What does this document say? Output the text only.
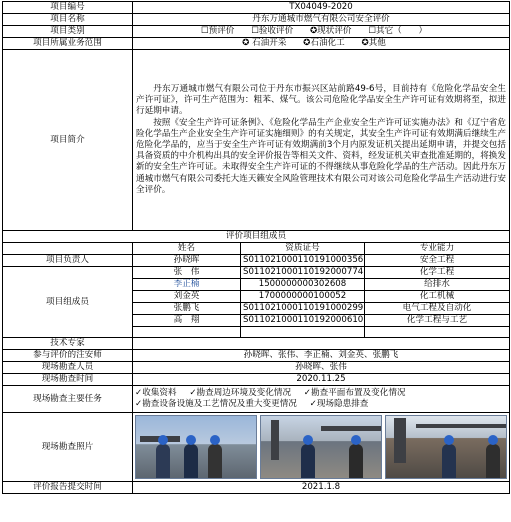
项目编号	TX04049-2020		
项目名称	丹东万通城市燃气有限公司安全评价		
项目类别	☐预评价 ☐验收评价 ✪现状评价 ☐其它（ ）		
项目所属业务范围	✪ 石油开采 ✪石油化工 ✪其他		
项目简介	丹东万通城市燃气有限公司位于丹东市振兴区站前路49-6号，目前持有《危险化学品安全生产许可证》，许可生产范围为：粗苯、煤气。该公司危险化学品安全生产许可证有效期将至，拟进行延期申请。

按照《安全生产许可证条例》、《危险化学品生产企业安全生产许可证实施办法》和《辽宁省危险化学品生产企业安全生产许可证实施细则》的有关规定，其安全生产许可证有效期满后继续生产危险化学品的，应当于安全生产许可证有效期满前3个月内原发证机关提出延期申请，并提交包括具备资质的中介机构出具的安全评价报告等相关文件、资料，经发证机关审查批准延期的，将换发新的安全生产许可证。未取得安全生产许可证的不得继续从事危险化学品的生产活动。因此丹东万通城市燃气有限公司委托大连天籁安全风险管理技术有限公司对该公司危险化学品生产活动进行安全评价。		

评价项目组成员			
	姓名	资质证号	专业能力
项目负责人	孙晓晖	S011021000110191000356	安全工程
项目组成员	张　伟	S011021000110192000774	化学工程
	李正楠	1500000000302608	给排水
	刘金英	1700000000100052	化工机械
	张鹏飞	S011021000110191000299	电气工程及自动化
	高　翔	S011021000110192000610	化学工程与工艺

技术专家			
参与评价的注安师	孙晓晖、张伟、李正楠、刘金英、张鹏飞		
现场勘查人员	孙晓晖、张伟		
现场勘查时间	2020.11.25		
现场勘查主要任务	✓收集资料 ✓勘查周边环境及变化情况 ✓勘查平面布置及变化情况
✓勘查设备设施及工艺情况及重大变更情况 ✓现场隐患排查		

现场勘查照片			

评价报告提交时间	2021.1.8		
